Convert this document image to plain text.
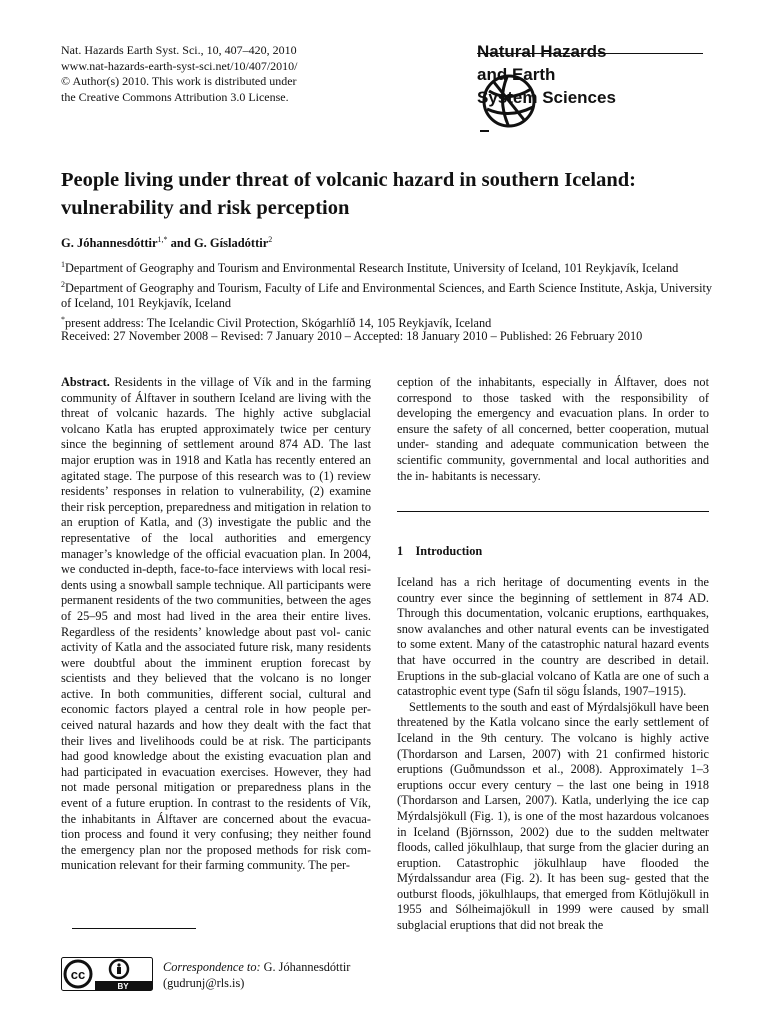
Nat. Hazards Earth Syst. Sci., 10, 407–420, 2010
www.nat-hazards-earth-syst-sci.net/10/407/2010/
© Author(s) 2010. This work is distributed under
the Creative Commons Attribution 3.0 License.
Natural Hazards
and Earth
System Sciences
People living under threat of volcanic hazard in southern Iceland:
vulnerability and risk perception
G. Jóhannesdóttir$^{1,*}$ and G. Gísladóttir$^2$
$^1$Department of Geography and Tourism and Environmental Research Institute, University of Iceland, 101 Reykjavík, Iceland
$^2$Department of Geography and Tourism, Faculty of Life and Environmental Sciences, and Earth Science Institute, Askja, University of Iceland, 101 Reykjavík, Iceland
*present address: The Icelandic Civil Protection, Skógarhlíð 14, 105 Reykjavík, Iceland
Received: 27 November 2008 – Revised: 7 January 2010 – Accepted: 18 January 2010 – Published: 26 February 2010

Abstract. Residents in the village of Vík and in the farming community of Álftaver in southern Iceland are living with the threat of volcanic hazards. The highly active subglacial volcano Katla has erupted approximately twice per century since the beginning of settlement around 874 AD. The last major eruption was in 1918 and Katla has recently entered an agitated stage. The purpose of this research was to (1) review residents’ responses in relation to vulnerability, (2) examine their risk perception, preparedness and mitigation in relation to an eruption of Katla, and (3) investigate the public and the representative of the local authorities and emergency manager’s knowledge of the official evacuation plan. In 2004, we conducted in-depth, face-to-face interviews with local resi- dents using a snowball sample technique. All participants were permanent residents of the two communities, between the ages of 25–95 and most had lived in the area their entire lives. Regardless of the residents’ knowledge about past vol- canic activity of Katla and the associated future risk, many residents were doubtful about the imminent eruption forecast by scientists and they believed that the volcano is no longer active. In both communities, different social, cultural and economic factors played a central role in how people per- ceived natural hazards and how they dealt with the fact that their lives and livelihoods could be at risk. The participants had good knowledge about the existing evacuation plan and had participated in evacuation exercises. However, they had not made personal mitigation or preparedness plans in the event of a future eruption. In contrast to the residents of Vík, the inhabitants in Álftaver are concerned about the evacua- tion process and found it very confusing; they neither found the emergency plan nor the proposed methods for risk com- munication relevant for their farming community. The per-

ception of the inhabitants, especially in Álftaver, does not correspond to those tasked with the responsibility of developing the emergency and evacuation plans. In order to ensure the safety of all concerned, better cooperation, mutual under- standing and adequate communication between the scientific community, governmental and local authorities and the in- habitants is necessary.

1 Introduction

Iceland has a rich heritage of documenting events in the country ever since the beginning of settlement in 874 AD. Through this documentation, volcanic eruptions, earthquakes, snow avalanches and other natural events can be investigated to some extent. Many of the catastrophic natural hazard events that have occurred in the country are described in detail. Eruptions in the sub-glacial volcano of Katla are one of such a catastrophic event type (Safn til sögu Íslands, 1907–1915).

Settlements to the south and east of Mýrdalsjökull have been threatened by the Katla volcano since the early settlement of Iceland in the 9th century. The volcano is highly active (Thordarson and Larsen, 2007) with 21 confirmed historic eruptions (Guðmundsson et al., 2008). Approximately 1–3 eruptions occur every century – the last one being in 1918 (Thordarson and Larsen, 2007). Katla, underlying the ice cap Mýrdalsjökull (Fig. 1), is one of the most hazardous volcanoes in Iceland (Björnsson, 2002) due to the sudden meltwater floods, called jökulhlaup, that surge from the glacier during an eruption. Catastrophic jökulhlaup have flooded the Mýrdalssandur area (Fig. 2). It has been sug- gested that the outburst floods, jökulhlaups, that emerged from Kötlujökull in 1955 and Sólheimajökull in 1999 were caused by small subglacial eruptions that did not break the

cc
BY
Correspondence to: G. Jóhannesdóttir
(gudrunj@rls.is)
